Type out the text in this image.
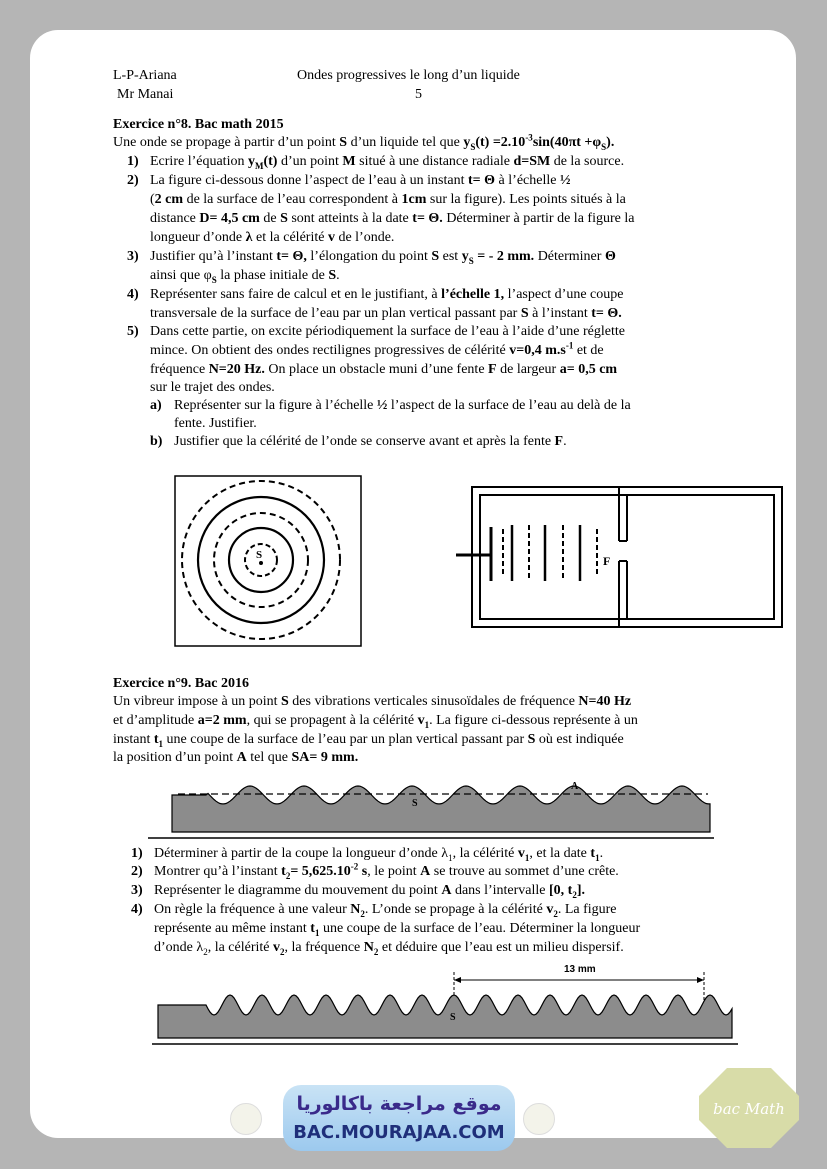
L-P-Ariana
Mr Manai
Ondes progressives le long d’un liquide
5
Exercice n°8. Bac math 2015
Une onde se propage à partir d’un point S d’un liquide tel que $y_S(t) =2.10^{-3}\sin(40\pi t +\varphi_S)$.
1) Ecrire l’équation $y_M(t)$ d’un point M situé à une distance radiale d=SM de la source.
2) La figure ci-dessous donne l’aspect de l’eau à un instant t= Θ à l’échelle ½
(2 cm de la surface de l’eau correspondent à 1cm sur la figure). Les points situés à la
distance D= 4,5 cm de S sont atteints à la date t= Θ. Déterminer à partir de la figure la
longueur d’onde λ et la célérité v de l’onde.
3) Justifier qu’à l’instant t= Θ, l’élongation du point S est $y_S$ = - 2 mm. Déterminer Θ
ainsi que $\varphi_S$ la phase initiale de S.
4) Représenter sans faire de calcul et en le justifiant, à l’échelle 1, l’aspect d’une coupe
transversale de la surface de l’eau par un plan vertical passant par S à l’instant t= Θ.
5) Dans cette partie, on excite périodiquement la surface de l’eau à l’aide d’une réglette
mince. On obtient des ondes rectilignes progressives de célérité v=0,4 $m.s^{-1}$ et de
fréquence N=20 Hz. On place un obstacle muni d’une fente F de largeur a= 0,5 cm
sur le trajet des ondes.
a) Représenter sur la figure à l’échelle ½ l’aspect de la surface de l’eau au delà de la
fente. Justifier.
b) Justifier que la célérité de l’onde se conserve avant et après la fente F.
S	F
Exercice n°9. Bac 2016
Un vibreur impose à un point S des vibrations verticales sinusoïdales de fréquence N=40 Hz
et d’amplitude a=2 mm, qui se propagent à la célérité $v_1$. La figure ci-dessous représente à un
instant $t_1$ une coupe de la surface de l’eau par un plan vertical passant par S où est indiquée
la position d’un point A tel que SA= 9 mm.
S
A
1) Déterminer à partir de la coupe la longueur d’onde $\lambda_1$, la célérité $v_1$, et la date $t_1$.
2) Montrer qu’à l’instant $t_2= 5,625.10^{-2}$ s, le point A se trouve au sommet d’une crête.
3) Représenter le diagramme du mouvement du point A dans l’intervalle [0, $t_2$].
4) On règle la fréquence à une valeur $N_2$. L’onde se propage à la célérité $v_2$. La figure
représente au même instant $t_1$ une coupe de la surface de l’eau. Déterminer la longueur
d’onde $\lambda_2$, la célérité $v_2$, la fréquence $N_2$ et déduire que l’eau est un milieu dispersif.
13 mm
S
موقع مراجعة باكالوريا
BAC.MOURAJAA.COM
bac Math
